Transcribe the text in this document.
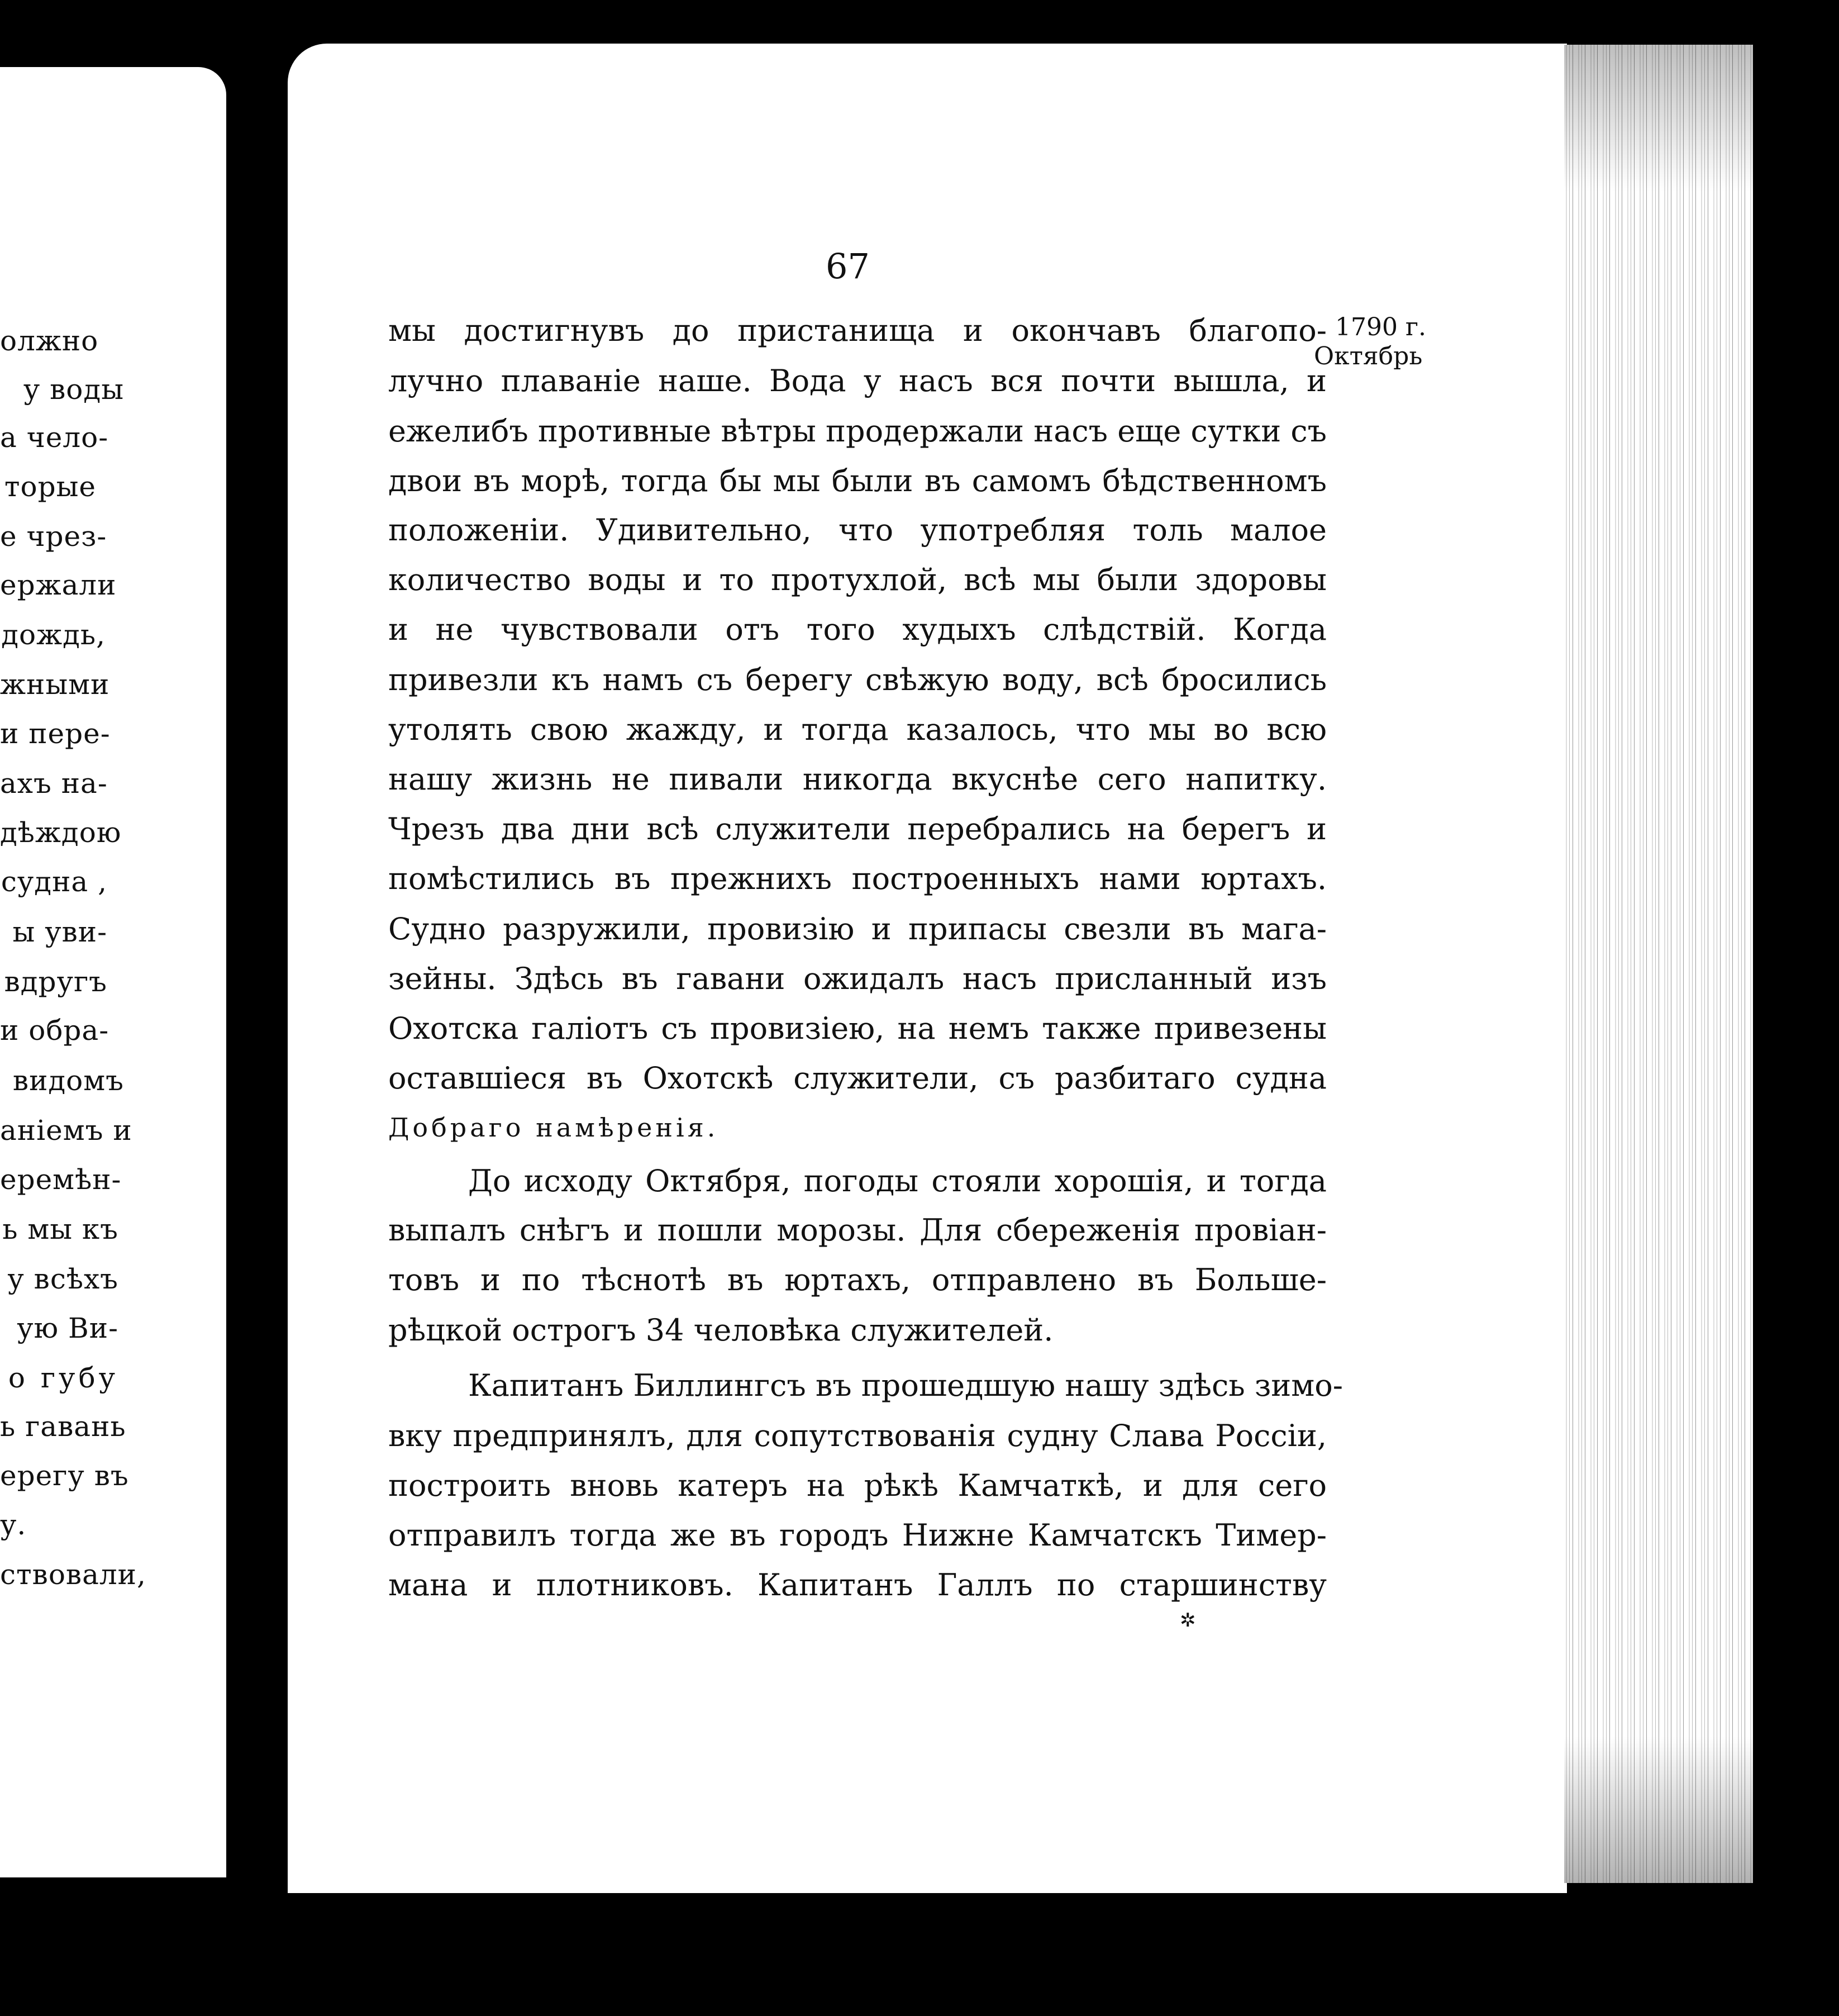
олжно
у воды
а чело-
торые
е чрез-
ержали
дождь,
жными
и пере-
ахъ на-
дѣждою
судна ,
ы уви-
вдругъ
и обра-
видомъ
аніемъ и
еремѣн-
ь мы къ
у всѣхъ
ую Ви-
о губу
ь гавань
ерегу въ
у.
ствовали,
67
1790 г.
Октябрь
мы достигнувъ до пристанища и окончавъ благопо-
лучно плаваніе наше. Вода у насъ вся почти вышла, и
ежелибъ противные вѣтры продержали насъ еще сутки съ
двои въ морѣ, тогда бы мы были въ самомъ бѣдственномъ
положеніи. Удивительно, что употребляя толь малое
количество воды и то протухлой, всѣ мы были здоровы
и не чувствовали отъ того худыхъ слѣдствій. Когда
привезли къ намъ съ берегу свѣжую воду, всѣ бросились
утолять свою жажду, и тогда казалось, что мы во всю
нашу жизнь не пивали никогда вкуснѣе сего напитку.
Чрезъ два дни всѣ служители перебрались на берегъ и
помѣстились въ прежнихъ построенныхъ нами юртахъ.
Судно разружили, провизію и припасы свезли въ мага-
зейны. Здѣсь въ гавани ожидалъ насъ присланный изъ
Охотска галіотъ съ провизіею, на немъ также привезены
оставшіеся въ Охотскѣ служители, съ разбитаго судна
Добраго намѣренія.
До исходу Октября, погоды стояли хорошія, и тогда
выпалъ снѣгъ и пошли морозы. Для сбереженія провіан-
товъ и по тѣснотѣ въ юртахъ, отправлено въ Больше-
рѣцкой острогъ 34 человѣка служителей.
Капитанъ Биллингсъ въ прошедшую нашу здѣсь зимо-
вку предпринялъ, для сопутствованія судну Слава Россіи,
построить вновь катеръ на рѣкѣ Камчаткѣ, и для сего
отправилъ тогда же въ городъ Нижне Камчатскъ Тимер-
мана и плотниковъ. Капитанъ Галлъ по старшинству
✲
